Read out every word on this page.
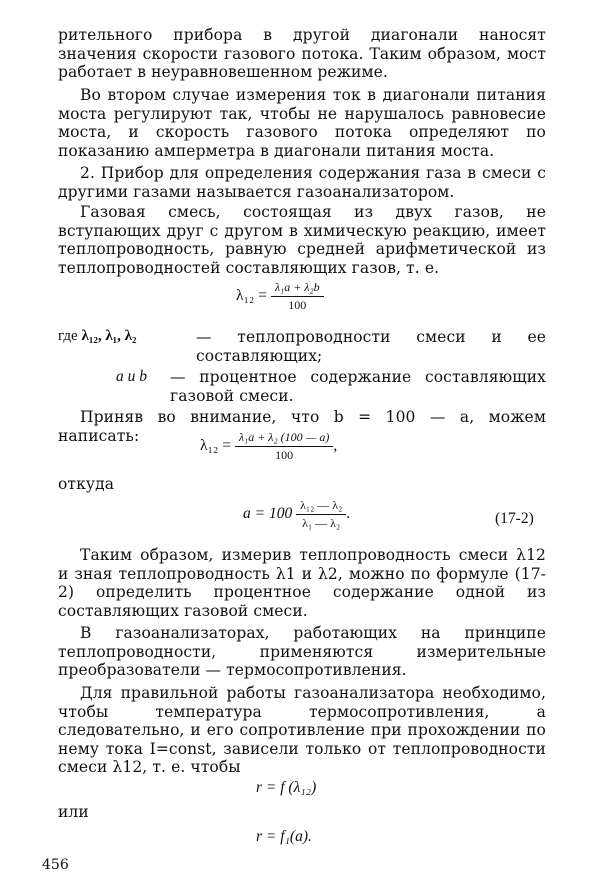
рительного прибора в другой диагонали наносят значения скорости газового потока. Таким образом, мост работает в неуравновешенном режиме.
Во втором случае измерения ток в диагонали питания моста регулируют так, чтобы не нарушалось равновесие моста, и скорость газового потока определяют по показанию амперметра в диагонали питания моста.
2. Прибор для определения содержания газа в смеси с другими газами называется газоанализатором.
Газовая смесь, состоящая из двух газов, не вступающих друг с другом в химическую реакцию, имеет теплопроводность, равную средней арифметической из теплопроводностей составляющих газов, т. е.
$\lambda_{12} = \frac{\text{λ₁a + λ₂b}}{100}$
где λ₁₂, λ₁, λ₂	— теплопроводности смеси и ее составляющих;
a и b — процентное содержание составляющих газовой смеси.
Приняв во внимание, что b = 100 — a, можем написать:
$\lambda_{12} = \frac{\text{λ₁a + λ₂ (100 — a)}}{100}$ ,
откуда
$a = 100 \frac{\text{λ₁₂ — λ₂}}{\text{λ₁ — λ₂}}$ .	(17-2)
Таким образом, измерив теплопроводность смеси λ12 и зная теплопроводность λ1 и λ2, можно по формуле (17-2) определить процентное содержание одной из составляющих газовой смеси.
В газоанализаторах, работающих на принципе теплопроводности, применяются измерительные преобразователи — термосопротивления.
Для правильной работы газоанализатора необходимо, чтобы температура термосопротивления, а следовательно, и его сопротивление при прохождении по нему тока I=const, зависели только от теплопроводности смеси λ12, т. е. чтобы
r = f (λ₁₂)
или
r = f₁(a).
456
